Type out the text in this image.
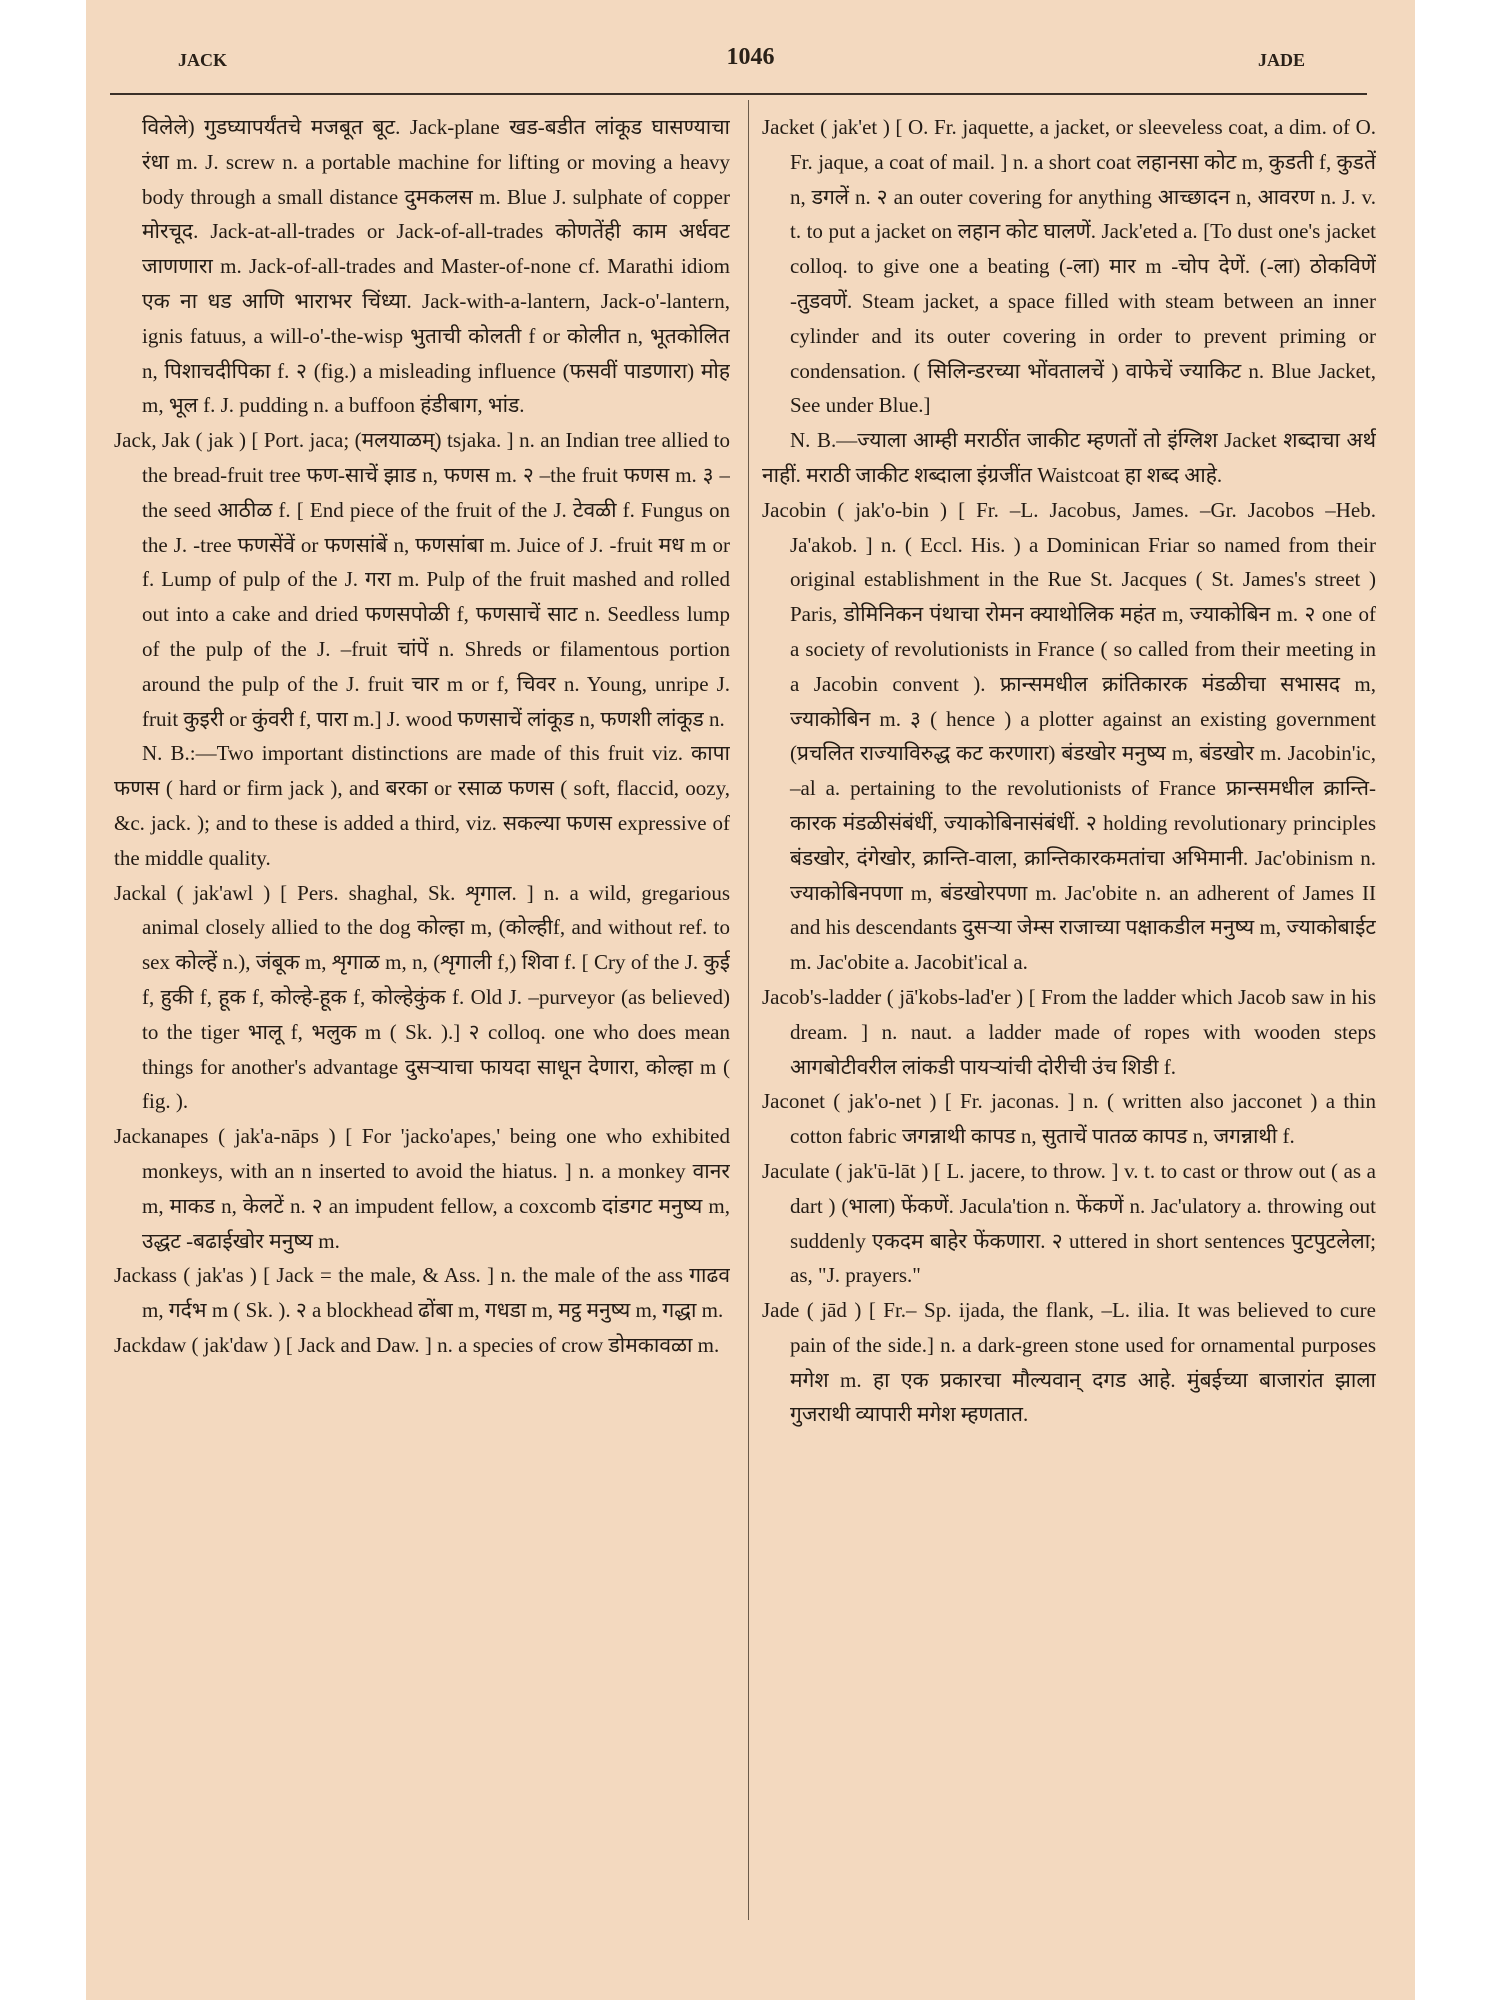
JACK	1046	JADE

विलेले) गुडघ्यापर्यंतचे मजबूत बूट. Jack-plane खड-बडीत लांकूड घासण्याचा रंधा m. J. screw n. a portable machine for lifting or moving a heavy body through a small distance दुमकलस m. Blue J. sulphate of copper मोरचूद. Jack-at-all-trades or Jack-of-all-trades कोणतेंही काम अर्धवट जाणणारा m. Jack-of-all-trades and Master-of-none cf. Marathi idiom एक ना धड आणि भाराभर चिंध्या. Jack-with-a-lantern, Jack-o'-lantern, ignis fatuus, a will-o'-the-wisp भुताची कोलती f or कोलीत n, भूतकोलित n, पिशाचदीपिका f. २ (fig.) a misleading influence (फसवीं पाडणारा) मोह m, भूल f. J. pudding n. a buffoon हंडीबाग, भांड.

Jack, Jak ( jak ) [ Port. jaca; (मलयाळम्) tsjaka. ] n. an Indian tree allied to the bread-fruit tree फण-साचें झाड n, फणस m. २ –the fruit फणस m. ३ –the seed आठीळ f. [ End piece of the fruit of the J. टेवळी f. Fungus on the J. -tree फणसेंवें or फणसांबें n, फणसांबा m. Juice of J. -fruit मध m or f. Lump of pulp of the J. गरा m. Pulp of the fruit mashed and rolled out into a cake and dried फणसपोळी f, फणसाचें साट n. Seedless lump of the pulp of the J. –fruit चांपें n. Shreds or filamentous portion around the pulp of the J. fruit चार m or f, चिवर n. Young, unripe J. fruit कुइरी or कुंवरी f, पारा m.] J. wood फणसाचें लांकूड n, फणशी लांकूड n.

N. B.:—Two important distinctions are made of this fruit viz. कापा फणस ( hard or firm jack ), and बरका or रसाळ फणस ( soft, flaccid, oozy, &c. jack. ); and to these is added a third, viz. सकल्या फणस expressive of the middle quality.

Jackal ( jak'awl ) [ Pers. shaghal, Sk. शृगाल. ] n. a wild, gregarious animal closely allied to the dog कोल्हा m, (कोल्हीf, and without ref. to sex कोल्हें n.), जंबूक m, शृगाळ m, n, (शृगाली f,) शिवा f. [ Cry of the J. कुई f, हुकी f, हूक f, कोल्हे-हूक f, कोल्हेकुंक f. Old J. –purveyor (as believed) to the tiger भालू f, भलुक m ( Sk. ).] २ colloq. one who does mean things for another's advantage दुसऱ्याचा फायदा साधून देणारा, कोल्हा m ( fig. ).

Jackanapes ( jak'a-nāps ) [ For 'jacko'apes,' being one who exhibited monkeys, with an n inserted to avoid the hiatus. ] n. a monkey वानर m, माकड n, केलटें n. २ an impudent fellow, a coxcomb दांडगट मनुष्य m, उद्धट -बढाईखोर मनुष्य m.

Jackass ( jak'as ) [ Jack = the male, & Ass. ] n. the male of the ass गाढव m, गर्दभ m ( Sk. ). २ a blockhead ढोंबा m, गधडा m, मट्ठ मनुष्य m, गद्धा m.

Jackdaw ( jak'daw ) [ Jack and Daw. ] n. a species of crow डोमकावळा m.

Jacket ( jak'et ) [ O. Fr. jaquette, a jacket, or sleeveless coat, a dim. of O. Fr. jaque, a coat of mail. ] n. a short coat लहानसा कोट m, कुडती f, कुडतें n, डगलें n. २ an outer covering for anything आच्छादन n, आवरण n. J. v. t. to put a jacket on लहान कोट घालणें. Jack'eted a. [To dust one's jacket colloq. to give one a beating (-ला) मार m -चोप देणें. (-ला) ठोकविणें -तुडवणें. Steam jacket, a space filled with steam between an inner cylinder and its outer covering in order to prevent priming or condensation. ( सिलिन्डरच्या भोंवतालचें ) वाफेचें ज्याकिट n. Blue Jacket, See under Blue.]

N. B.—ज्याला आम्ही मराठींत जाकीट म्हणतों तो इंग्लिश Jacket शब्दाचा अर्थ नाहीं. मराठी जाकीट शब्दाला इंग्रजींत Waistcoat हा शब्द आहे.

Jacobin ( jak'o-bin ) [ Fr. –L. Jacobus, James. –Gr. Jacobos –Heb. Ja'akob. ] n. ( Eccl. His. ) a Dominican Friar so named from their original establishment in the Rue St. Jacques ( St. James's street ) Paris, डोमिनिकन पंथाचा रोमन क्याथोलिक महंत m, ज्याकोबिन m. २ one of a society of revolutionists in France ( so called from their meeting in a Jacobin convent ). फ्रान्समधील क्रांतिकारक मंडळीचा सभासद m, ज्याकोबिन m. ३ ( hence ) a plotter against an existing government (प्रचलित राज्याविरुद्ध कट करणारा) बंडखोर मनुष्य m, बंडखोर m. Jacobin'ic, –al a. pertaining to the revolutionists of France फ्रान्समधील क्रान्ति-कारक मंडळीसंबंधीं, ज्याकोबिनासंबंधीं. २ holding revolutionary principles बंडखोर, दंगेखोर, क्रान्ति-वाला, क्रान्तिकारकमतांचा अभिमानी. Jac'obinism n. ज्याकोबिनपणा m, बंडखोरपणा m. Jac'obite n. an adherent of James II and his descendants दुसऱ्या जेम्स राजाच्या पक्षाकडील मनुष्य m, ज्याकोबाईट m. Jac'obite a. Jacobit'ical a.

Jacob's-ladder ( jā'kobs-lad'er ) [ From the ladder which Jacob saw in his dream. ] n. naut. a ladder made of ropes with wooden steps आगबोटीवरील लांकडी पायऱ्यांची दोरीची उंच शिडी f.

Jaconet ( jak'o-net ) [ Fr. jaconas. ] n. ( written also jacconet ) a thin cotton fabric जगन्नाथी कापड n, सुताचें पातळ कापड n, जगन्नाथी f.

Jaculate ( jak'ū-lāt ) [ L. jacere, to throw. ] v. t. to cast or throw out ( as a dart ) (भाला) फेंकणें. Jacula'tion n. फेंकणें n. Jac'ulatory a. throwing out suddenly एकदम बाहेर फेंकणारा. २ uttered in short sentences पुटपुटलेला; as, "J. prayers."

Jade ( jād ) [ Fr.– Sp. ijada, the flank, –L. ilia. It was believed to cure pain of the side.] n. a dark-green stone used for ornamental purposes मगेश m. हा एक प्रकारचा मौल्यवान् दगड आहे. मुंबईच्या बाजारांत झाला गुजराथी व्यापारी मगेश म्हणतात.
